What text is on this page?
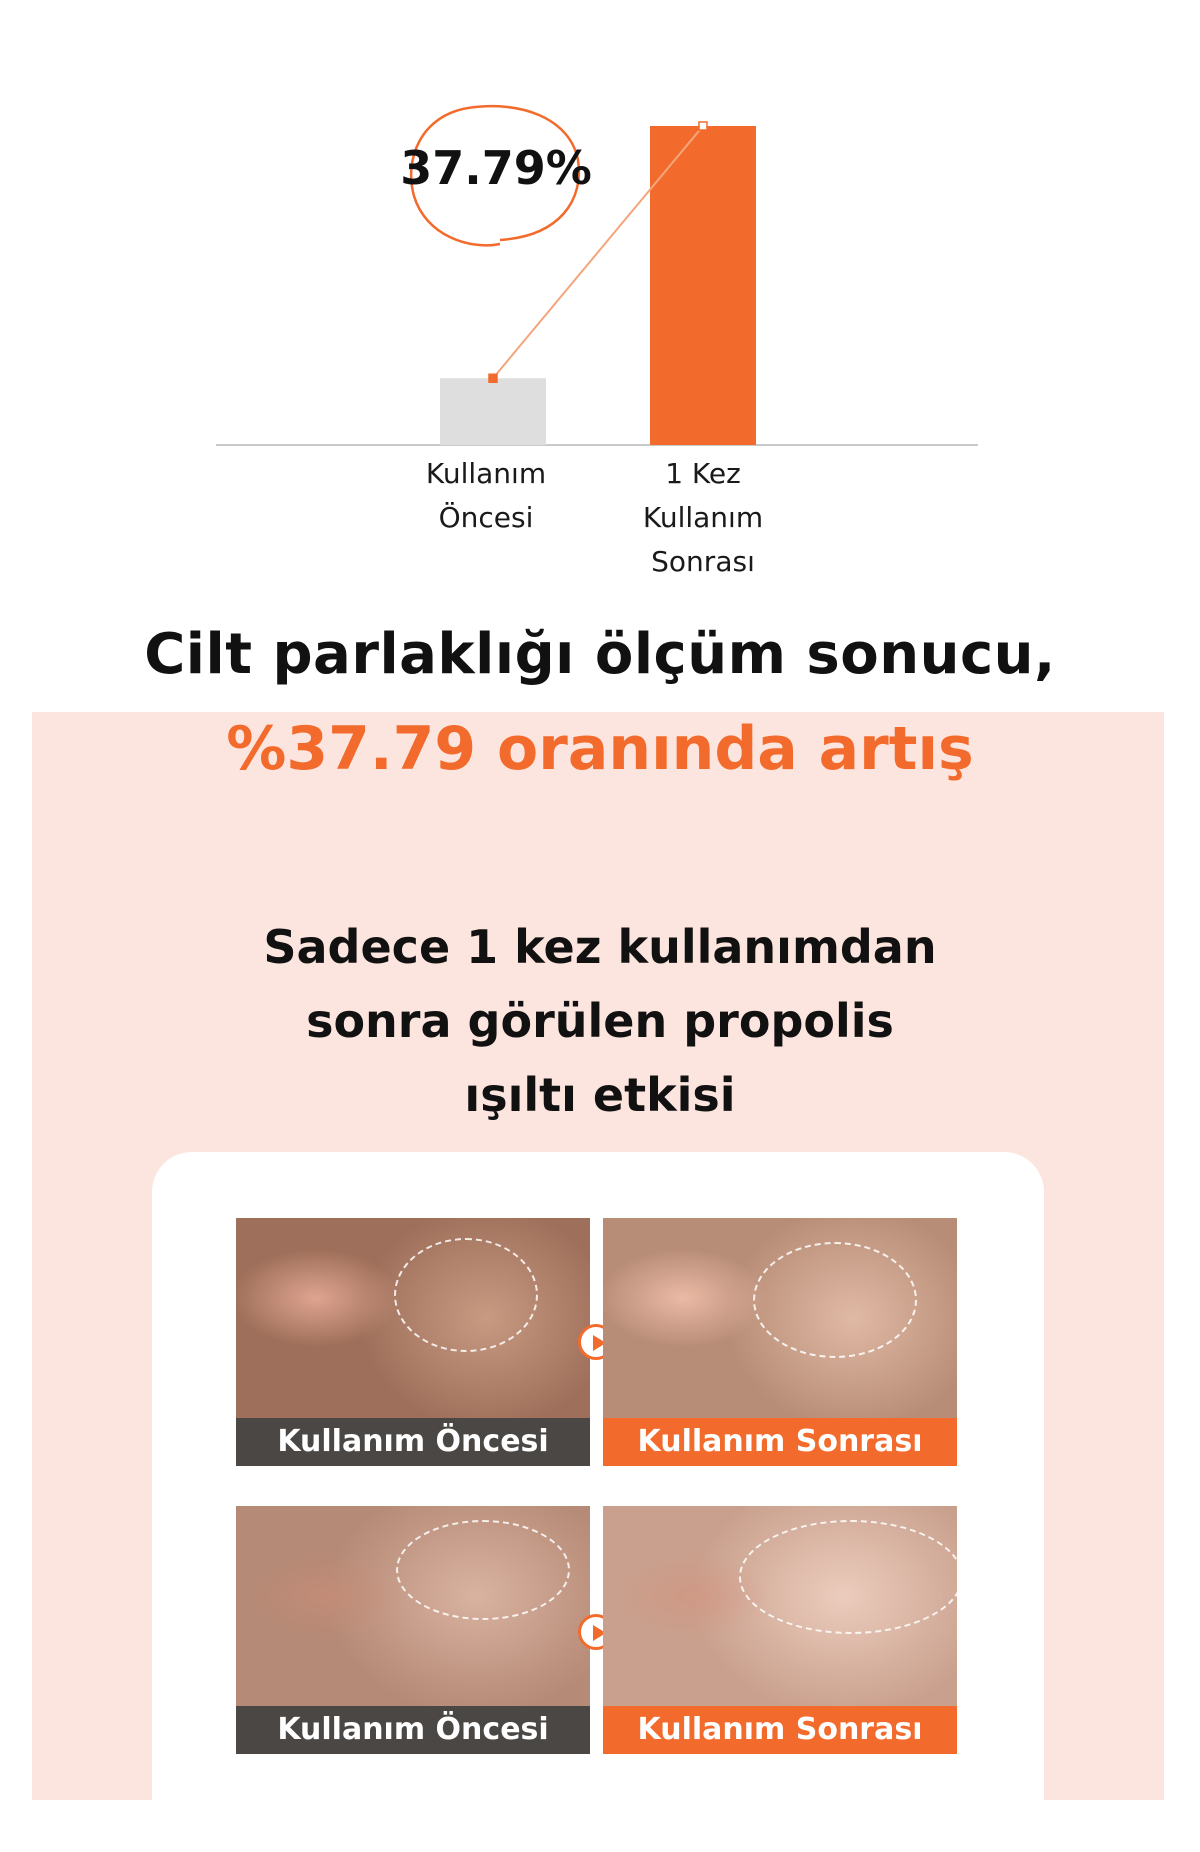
37.79%
Kullanım
Öncesi
1 Kez
Kullanım
Sonrası
Cilt parlaklığı ölçüm sonucu,
%37.79 oranında artış
Sadece 1 kez kullanımdan
sonra görülen propolis
ışıltı etkisi
Kullanım Öncesi	Kullanım Sonrası
Kullanım Öncesi	Kullanım Sonrası
